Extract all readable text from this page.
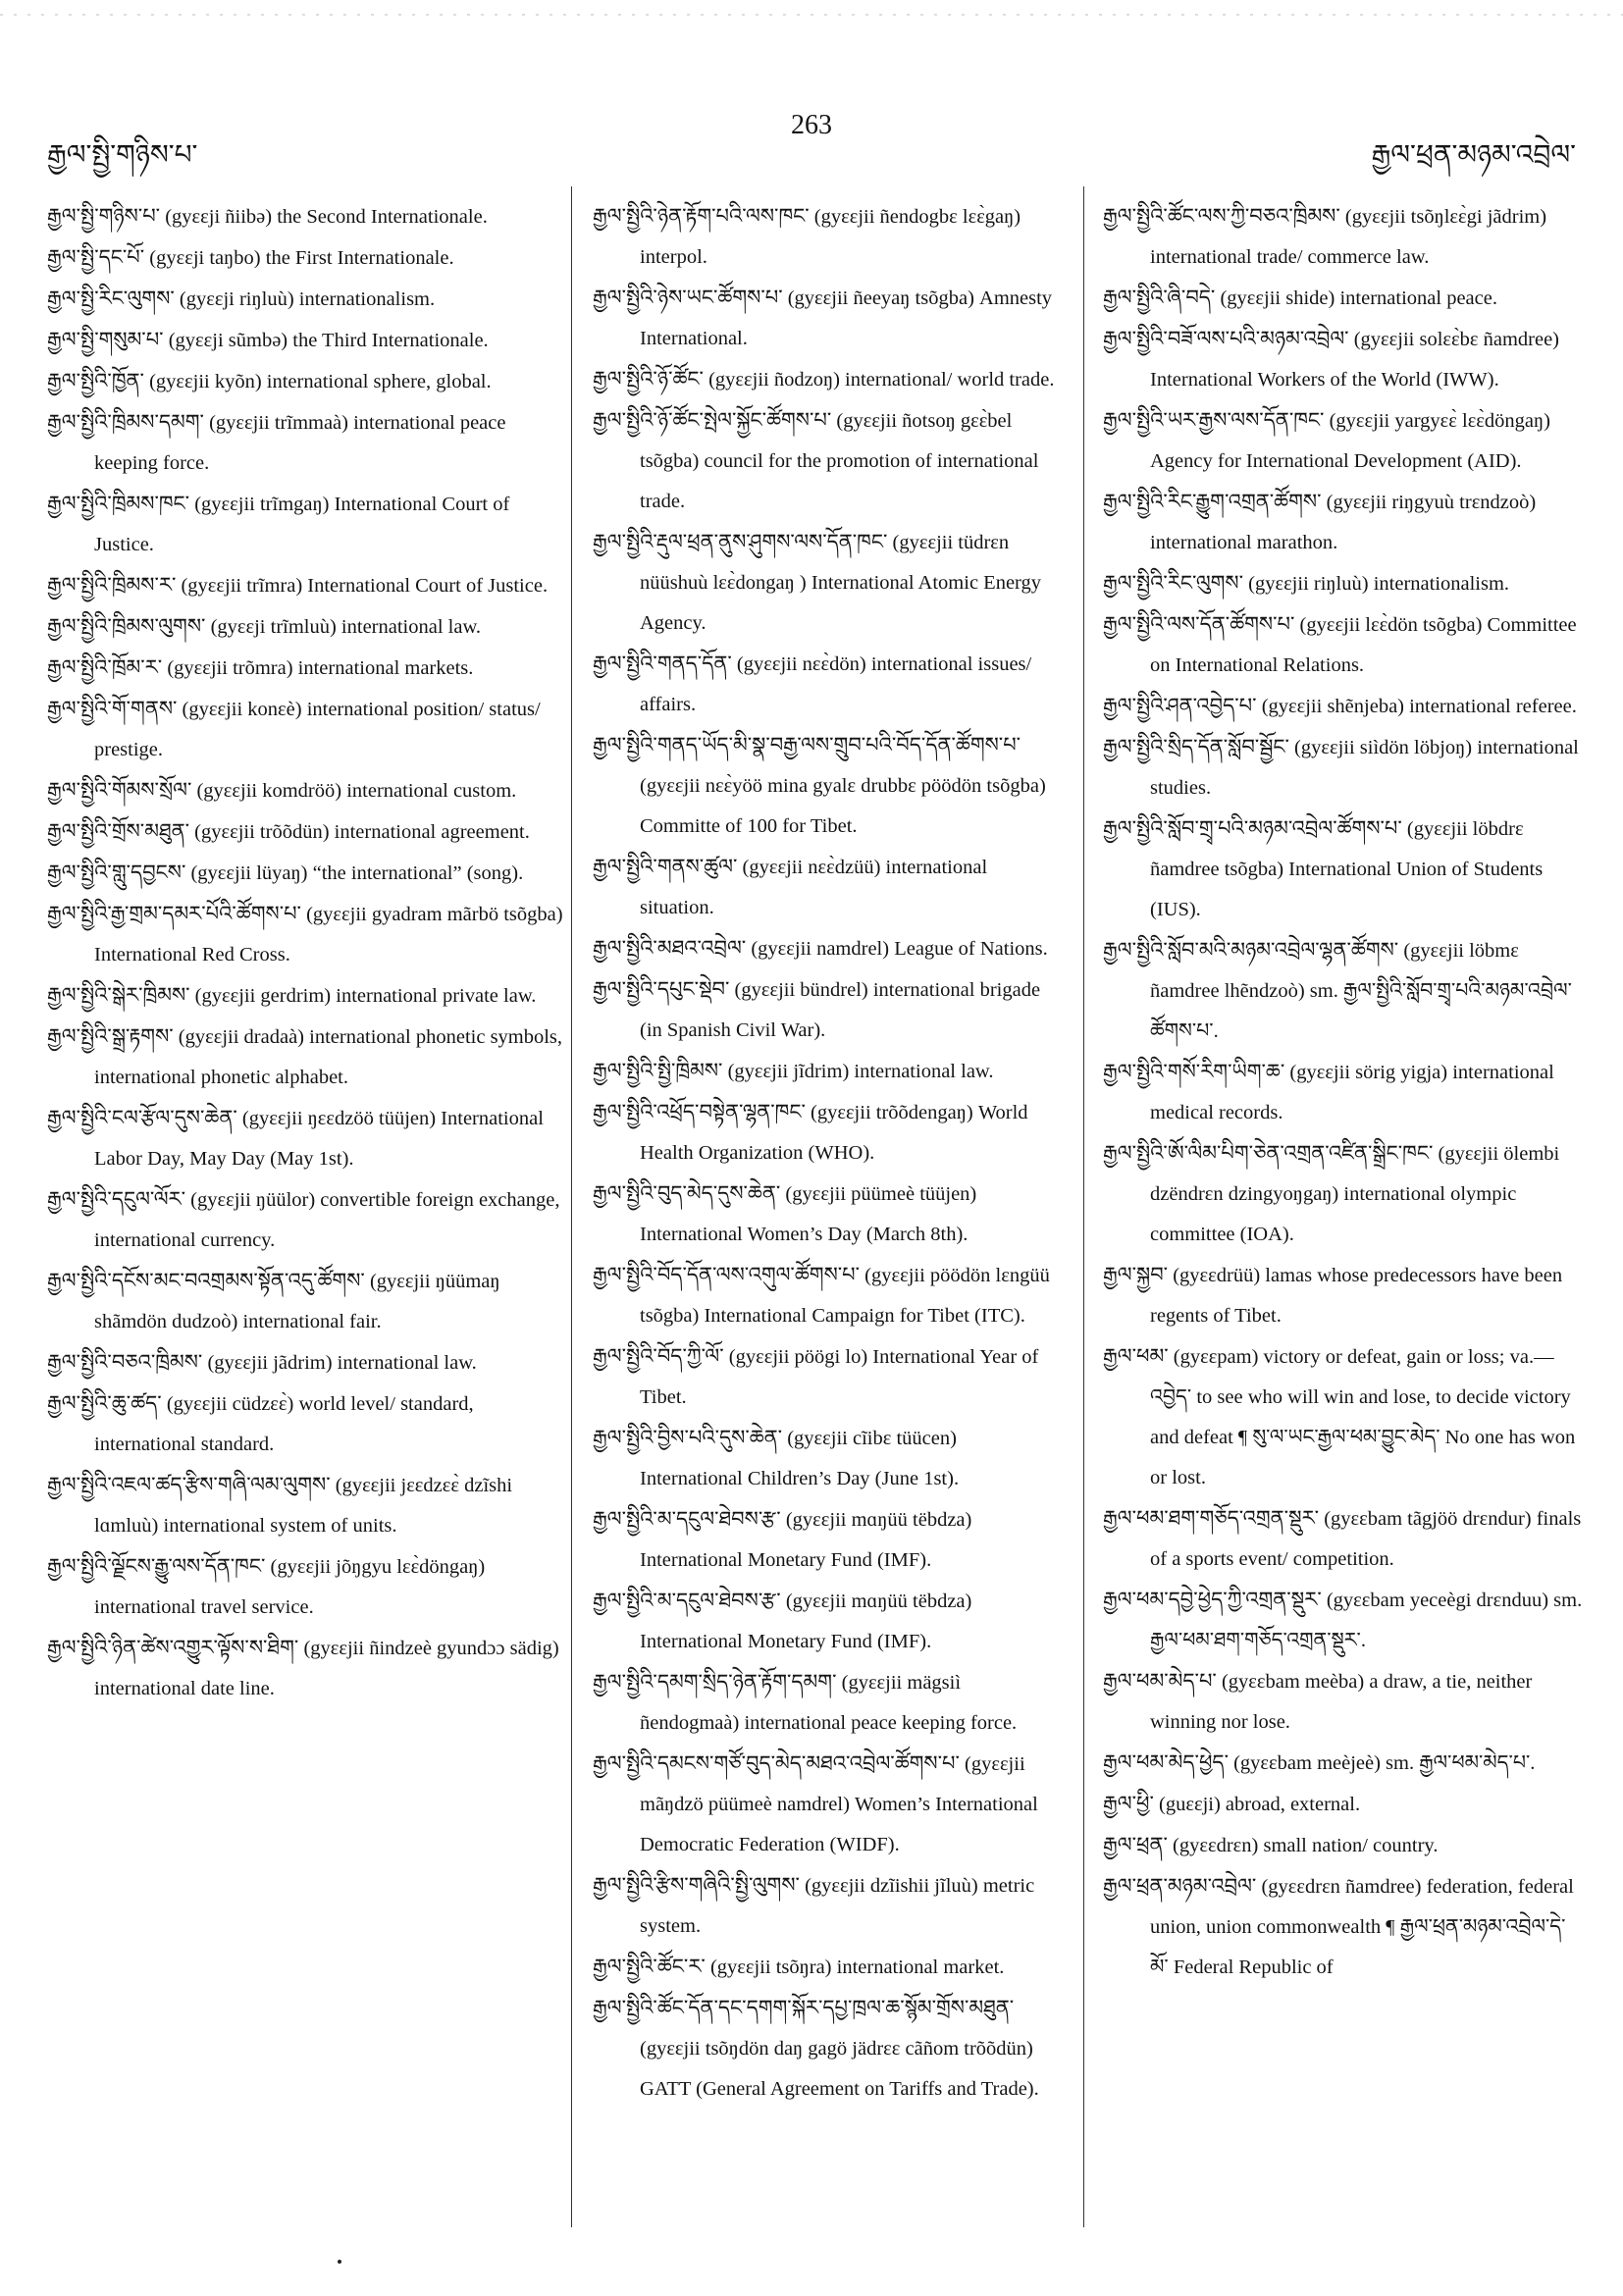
རྒྱལ་སྤྱི་གཉིས་པ་
263
རྒྱལ་ཕྲན་མཉམ་འབྲེལ་

རྒྱལ་སྤྱི་གཉིས་པ་ (gyɛɛji ñiibə) the Second Internationale.

རྒྱལ་སྤྱི་དང་པོ་ (gyɛɛji taŋbo) the First Internationale.

རྒྱལ་སྤྱི་རིང་ལུགས་ (gyɛɛji riŋluù) internationalism.

རྒྱལ་སྤྱི་གསུམ་པ་ (gyɛɛji sũmbə) the Third Internationale.

རྒྱལ་སྤྱིའི་ཁྱོན་ (gyɛɛjii kyõn) international sphere, global.

རྒྱལ་སྤྱིའི་ཁྲིམས་དམག་ (gyɛɛjii trĩmmaà) international peace keeping force.

རྒྱལ་སྤྱིའི་ཁྲིམས་ཁང་ (gyɛɛjii trĩmgaŋ) International Court of Justice.

རྒྱལ་སྤྱིའི་ཁྲིམས་ར་ (gyɛɛjii trĩmra) International Court of Justice.

རྒྱལ་སྤྱིའི་ཁྲིམས་ལུགས་ (gyɛɛji trĩmluù) international law.

རྒྱལ་སྤྱིའི་ཁྲོམ་ར་ (gyɛɛjii trõmra) international markets.

རྒྱལ་སྤྱིའི་གོ་གནས་ (gyɛɛjii konɛè) international position/ status/ prestige.

རྒྱལ་སྤྱིའི་གོམས་སྲོལ་ (gyɛɛjii komdröö) international custom.

རྒྱལ་སྤྱིའི་གྲོས་མཐུན་ (gyɛɛjii trõõdün) international agreement.

རྒྱལ་སྤྱིའི་གླུ་དབྱངས་ (gyɛɛjii lüyaŋ) “the international” (song).

རྒྱལ་སྤྱིའི་རྒྱ་གྲམ་དམར་པོའི་ཚོགས་པ་ (gyɛɛjii gyadram mãrbö tsõgba) International Red Cross.

རྒྱལ་སྤྱིའི་སྒེར་ཁྲིམས་ (gyɛɛjii gerdrim) international private law.

རྒྱལ་སྤྱིའི་སྒྲ་རྟགས་ (gyɛɛjii dradaà) international phonetic symbols, international phonetic alphabet.

རྒྱལ་སྤྱིའི་ངལ་རྩོལ་དུས་ཆེན་ (gyɛɛjii ŋɛɛdzöö tüüjen) International Labor Day, May Day (May 1st).

རྒྱལ་སྤྱིའི་དངུལ་ལོར་ (gyɛɛjii ŋüülor) convertible foreign exchange, international currency.

རྒྱལ་སྤྱིའི་དངོས་མང་བའགྲམས་སྟོན་འདུ་ཚོགས་ (gyɛɛjii ŋüümaŋ shãmdön dudzoò) international fair.

རྒྱལ་སྤྱིའི་བཅའ་ཁྲིམས་ (gyɛɛjii jãdrim) international law.

རྒྱལ་སྤྱིའི་ཆུ་ཚད་ (gyɛɛjii cüdzɛɛ̀) world level/ standard, international standard.

རྒྱལ་སྤྱིའི་འཇལ་ཚད་རྩིས་གཞི་ལམ་ལུགས་ (gyɛɛjii jɛɛdzɛɛ̀ dzĩshi lɑmluù) international system of units.

རྒྱལ་སྤྱིའི་ལྗོངས་རྒྱུ་ལས་དོན་ཁང་ (gyɛɛjii jõŋgyu lɛɛ̀döngaŋ) international travel service.

རྒྱལ་སྤྱིའི་ཉིན་ཚེས་འགྱུར་ལྟོས་ས་ཐིག་ (gyɛɛjii ñindzeè gyundɔɔ sädig) international date line.

རྒྱལ་སྤྱིའི་ཉེན་རྟོག་པའི་ལས་ཁང་ (gyɛɛjii ñendogbɛ lɛɛ̀gaŋ) interpol.

རྒྱལ་སྤྱིའི་ཉེས་ཡང་ཚོགས་པ་ (gyɛɛjii ñeeyaŋ tsõgba) Amnesty International.

རྒྱལ་སྤྱིའི་ཉོ་ཚོང་ (gyɛɛjii ñodzoŋ) international/ world trade.

རྒྱལ་སྤྱིའི་ཉོ་ཚོང་སྤེལ་སྐྱོང་ཚོགས་པ་ (gyɛɛjii ñotsoŋ gɛɛ̀bel tsõgba) council for the promotion of international trade.

རྒྱལ་སྤྱིའི་རྡུལ་ཕྲན་ནུས་ཤུགས་ལས་དོན་ཁང་ (gyɛɛjii tüdrɛn nüüshuù lɛɛ̀dongaŋ ) International Atomic Energy Agency.

རྒྱལ་སྤྱིའི་གནད་དོན་ (gyɛɛjii nɛɛ̀dön) international issues/ affairs.

རྒྱལ་སྤྱིའི་གནད་ཡོད་མི་སྣ་བརྒྱ་ལས་གྲུབ་པའི་བོད་དོན་ཚོགས་པ་ (gyɛɛjii nɛɛ̀yöö mina gyalɛ drubbɛ pöödön tsõgba) Committe of 100 for Tibet.

རྒྱལ་སྤྱིའི་གནས་ཚུལ་ (gyɛɛjii nɛɛ̀dzüü) international situation.

རྒྱལ་སྤྱིའི་མཐའ་འབྲེལ་ (gyɛɛjii namdrel) League of Nations.

རྒྱལ་སྤྱིའི་དཔུང་སྡེབ་ (gyɛɛjii bündrel) international brigade (in Spanish Civil War).

རྒྱལ་སྤྱིའི་སྤྱི་ཁྲིམས་ (gyɛɛjii jĩdrim) international law.

རྒྱལ་སྤྱིའི་འཕྲོད་བསྟེན་ལྷན་ཁང་ (gyɛɛjii trõõdengaŋ) World Health Organization (WHO).

རྒྱལ་སྤྱིའི་བུད་མེད་དུས་ཆེན་ (gyɛɛjii püümeè tüüjen) International Women’s Day (March 8th).

རྒྱལ་སྤྱིའི་བོད་དོན་ལས་འགུལ་ཚོགས་པ་ (gyɛɛjii pöödön lɛngüü tsõgba) International Campaign for Tibet (ITC).

རྒྱལ་སྤྱིའི་བོད་ཀྱི་ལོ་ (gyɛɛjii pöögi lo) International Year of Tibet.

རྒྱལ་སྤྱིའི་བྱིས་པའི་དུས་ཆེན་ (gyɛɛjii cĩibɛ tüücen) International Children’s Day (June 1st).

རྒྱལ་སྤྱིའི་མ་དངུལ་ཐེབས་རྩ་ (gyɛɛjii mɑŋüü tëbdza) International Monetary Fund (IMF).

རྒྱལ་སྤྱིའི་མ་དངུལ་ཐེབས་རྩ་ (gyɛɛjii mɑŋüü tëbdza) International Monetary Fund (IMF).

རྒྱལ་སྤྱིའི་དམག་སྲིད་ཉེན་རྟོག་དམག་ (gyɛɛjii mägsiì ñendogmaà) international peace keeping force.

རྒྱལ་སྤྱིའི་དམངས་གཙོ་བུད་མེད་མཐའ་འབྲེལ་ཚོགས་པ་ (gyɛɛjii mãŋdzö püümeè namdrel) Women’s International Democratic Federation (WIDF).

རྒྱལ་སྤྱིའི་རྩིས་གཞིའི་སྤྱི་ལུགས་ (gyɛɛjii dzĩishii jĩluù) metric system.

རྒྱལ་སྤྱིའི་ཚོང་ར་ (gyɛɛjii tsõŋra) international market.

རྒྱལ་སྤྱིའི་ཚོང་དོན་དང་དགག་སྐོར་དཔྱ་ཁྲལ་ཆ་སྙོམ་གྲོས་མཐུན་ (gyɛɛjii tsõŋdön daŋ gagö jädrɛɛ cãñom trõõdün) GATT (General Agreement on Tariffs and Trade).

རྒྱལ་སྤྱིའི་ཚོང་ལས་ཀྱི་བཅའ་ཁྲིམས་ (gyɛɛjii tsõŋlɛɛ̀gi jãdrim) international trade/ commerce law.

རྒྱལ་སྤྱིའི་ཞི་བདེ་ (gyɛɛjii shide) international peace.

རྒྱལ་སྤྱིའི་བཟོ་ལས་པའི་མཉམ་འབྲེལ་ (gyɛɛjii solɛɛ̀bɛ ñamdree) International Workers of the World (IWW).

རྒྱལ་སྤྱིའི་ཡར་རྒྱས་ལས་དོན་ཁང་ (gyɛɛjii yargyɛɛ̀ lɛɛ̀döngaŋ) Agency for International Development (AID).

རྒྱལ་སྤྱིའི་རིང་རྒྱུག་འགྲན་ཚོགས་ (gyɛɛjii riŋgyuù trɛndzoò) international marathon.

རྒྱལ་སྤྱིའི་རིང་ལུགས་ (gyɛɛjii riŋluù) internationalism.

རྒྱལ་སྤྱིའི་ལས་དོན་ཚོགས་པ་ (gyɛɛjii lɛɛ̀dön tsõgba) Committee on International Relations.

རྒྱལ་སྤྱིའི་ཤན་འབྱེད་པ་ (gyɛɛjii shẽnjeba) international referee.

རྒྱལ་སྤྱིའི་སྲིད་དོན་སློབ་སྦྱོང་ (gyɛɛjii siìdön löbjoŋ) international studies.

རྒྱལ་སྤྱིའི་སློབ་གྲྭ་པའི་མཉམ་འབྲེལ་ཚོགས་པ་ (gyɛɛjii löbdrɛ ñamdree tsõgba) International Union of Students (IUS).

རྒྱལ་སྤྱིའི་སློབ་མའི་མཉམ་འབྲེལ་ལྷན་ཚོགས་ (gyɛɛjii löbmɛ ñamdree lhẽndzoò) sm. རྒྱལ་སྤྱིའི་སློབ་གྲྭ་པའི་མཉམ་འབྲེལ་ཚོགས་པ་.

རྒྱལ་སྤྱིའི་གསོ་རིག་ཡིག་ཆ་ (gyɛɛjii sörig yigja) international medical records.

རྒྱལ་སྤྱིའི་ཨོ་ལིམ་པིག་ཅེན་འགྲན་འཛིན་སྒྲིང་ཁང་ (gyɛɛjii ölembi dzëndrɛn dzingyoŋgaŋ) international olympic committee (IOA).

རྒྱལ་སྐྱབ་ (gyɛɛdrüü) lamas whose predecessors have been regents of Tibet.

རྒྱལ་ཕམ་ (gyɛɛpam) victory or defeat, gain or loss; va.—འབྱེད་ to see who will win and lose, to decide victory and defeat ¶ སུ་ལ་ཡང་རྒྱལ་ཕམ་བྱུང་མེད་ No one has won or lost.

རྒྱལ་ཕམ་ཐག་གཅོད་འགྲན་སྡུར་ (gyɛɛbam tãgjöö drɛndur) finals of a sports event/ competition.

རྒྱལ་ཕམ་དབྱེ་ཕྱེད་ཀྱི་འགྲན་སྡུར་ (gyɛɛbam yeceègi drɛnduu) sm. རྒྱལ་ཕམ་ཐག་གཅོད་འགྲན་སྡུར་.

རྒྱལ་ཕམ་མེད་པ་ (gyɛɛbam meèba) a draw, a tie, neither winning nor lose.

རྒྱལ་ཕམ་མེད་ཕྱེད་ (gyɛɛbam meèjeè) sm. རྒྱལ་ཕམ་མེད་པ་.

རྒྱལ་ཕྱི་ (guɛɛji) abroad, external.

རྒྱལ་ཕྲན་ (gyɛɛdrɛn) small nation/ country.

རྒྱལ་ཕྲན་མཉམ་འབྲེལ་ (gyɛɛdrɛn ñamdree) federation, federal union, union commonwealth ¶ རྒྱལ་ཕྲན་མཉམ་འབྲེལ་དེ་མོ་ Federal Republic of
